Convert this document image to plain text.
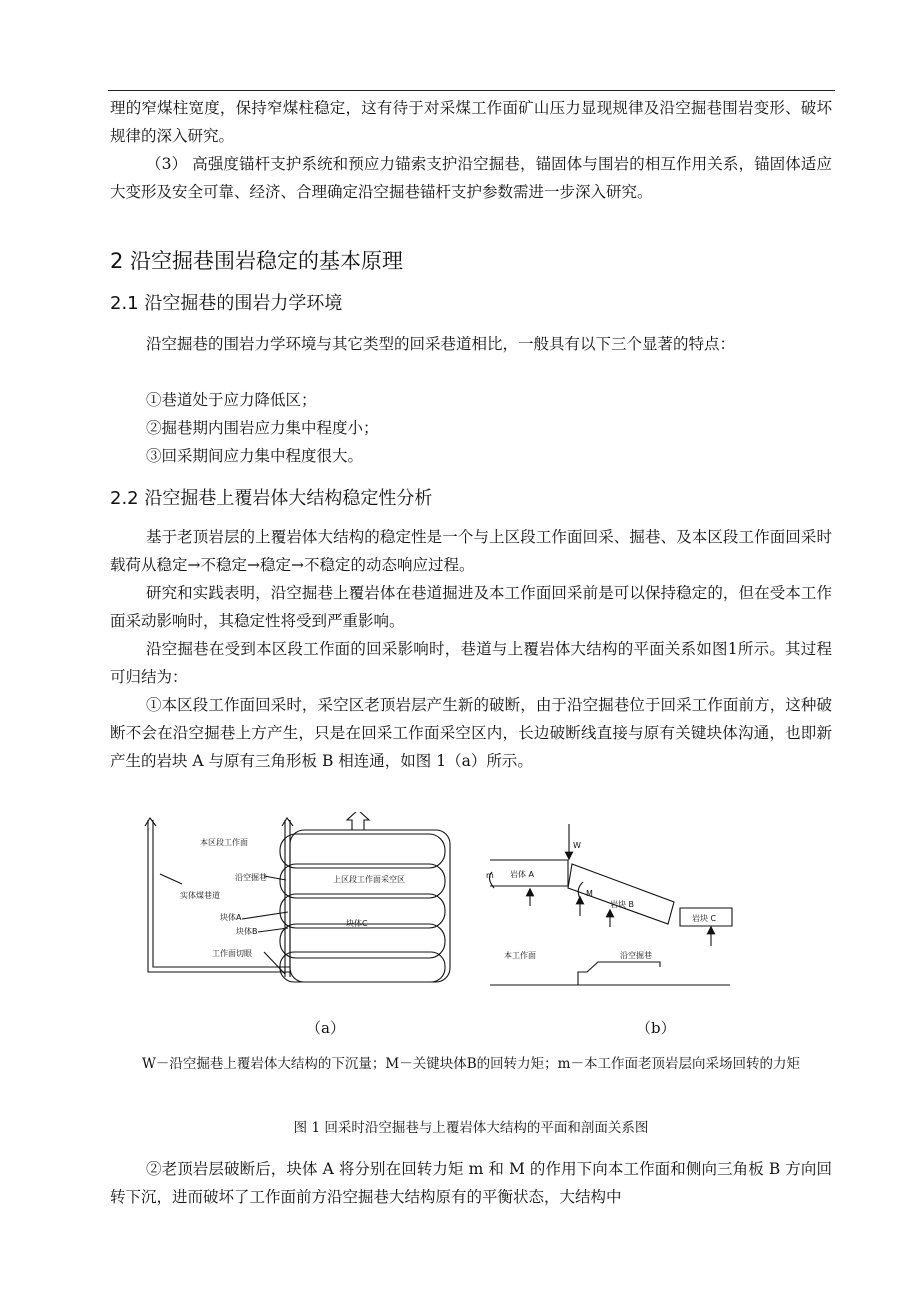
理的窄煤柱宽度，保持窄煤柱稳定，这有待于对采煤工作面矿山压力显现规律及沿空掘巷围岩变形、破坏规律的深入研究。

（3） 高强度锚杆支护系统和预应力锚索支护沿空掘巷，锚固体与围岩的相互作用关系，锚固体适应大变形及安全可靠、经济、合理确定沿空掘巷锚杆支护参数需进一步深入研究。

2 沿空掘巷围岩稳定的基本原理
2.1 沿空掘巷的围岩力学环境

沿空掘巷的围岩力学环境与其它类型的回采巷道相比，一般具有以下三个显著的特点：

①巷道处于应力降低区；

②掘巷期内围岩应力集中程度小；

③回采期间应力集中程度很大。

2.2 沿空掘巷上覆岩体大结构稳定性分析

基于老顶岩层的上覆岩体大结构的稳定性是一个与上区段工作面回采、掘巷、及本区段工作面回采时载荷从稳定→不稳定→稳定→不稳定的动态响应过程。

研究和实践表明，沿空掘巷上覆岩体在巷道掘进及本工作面回采前是可以保持稳定的，但在受本工作面采动影响时，其稳定性将受到严重影响。

沿空掘巷在受到本区段工作面的回采影响时，巷道与上覆岩体大结构的平面关系如图1所示。其过程可归结为：

①本区段工作面回采时，采空区老顶岩层产生新的破断，由于沿空掘巷位于回采工作面前方，这种破断不会在沿空掘巷上方产生，只是在回采工作面采空区内，长边破断线直接与原有关键块体沟通，也即新产生的岩块 A 与原有三角形板 B 相连通，如图 1（a）所示。

本区段工作面
沿空掘巷
实体煤巷道
块体A
块体B
工作面切眼
上区段工作面采空区
块体C
W
m
M
岩体 A
岩块 B
岩块 C
本工作面	沿空掘巷
（a）	（b）

W－沿空掘巷上覆岩体大结构的下沉量；M－关键块体B的回转力矩；m－本工作面老顶岩层向采场回转的力矩

图 1 回采时沿空掘巷与上覆岩体大结构的平面和剖面关系图

②老顶岩层破断后，块体 A 将分别在回转力矩 m 和 M 的作用下向本工作面和侧向三角板 B 方向回转下沉，进而破坏了工作面前方沿空掘巷大结构原有的平衡状态，大结构中
